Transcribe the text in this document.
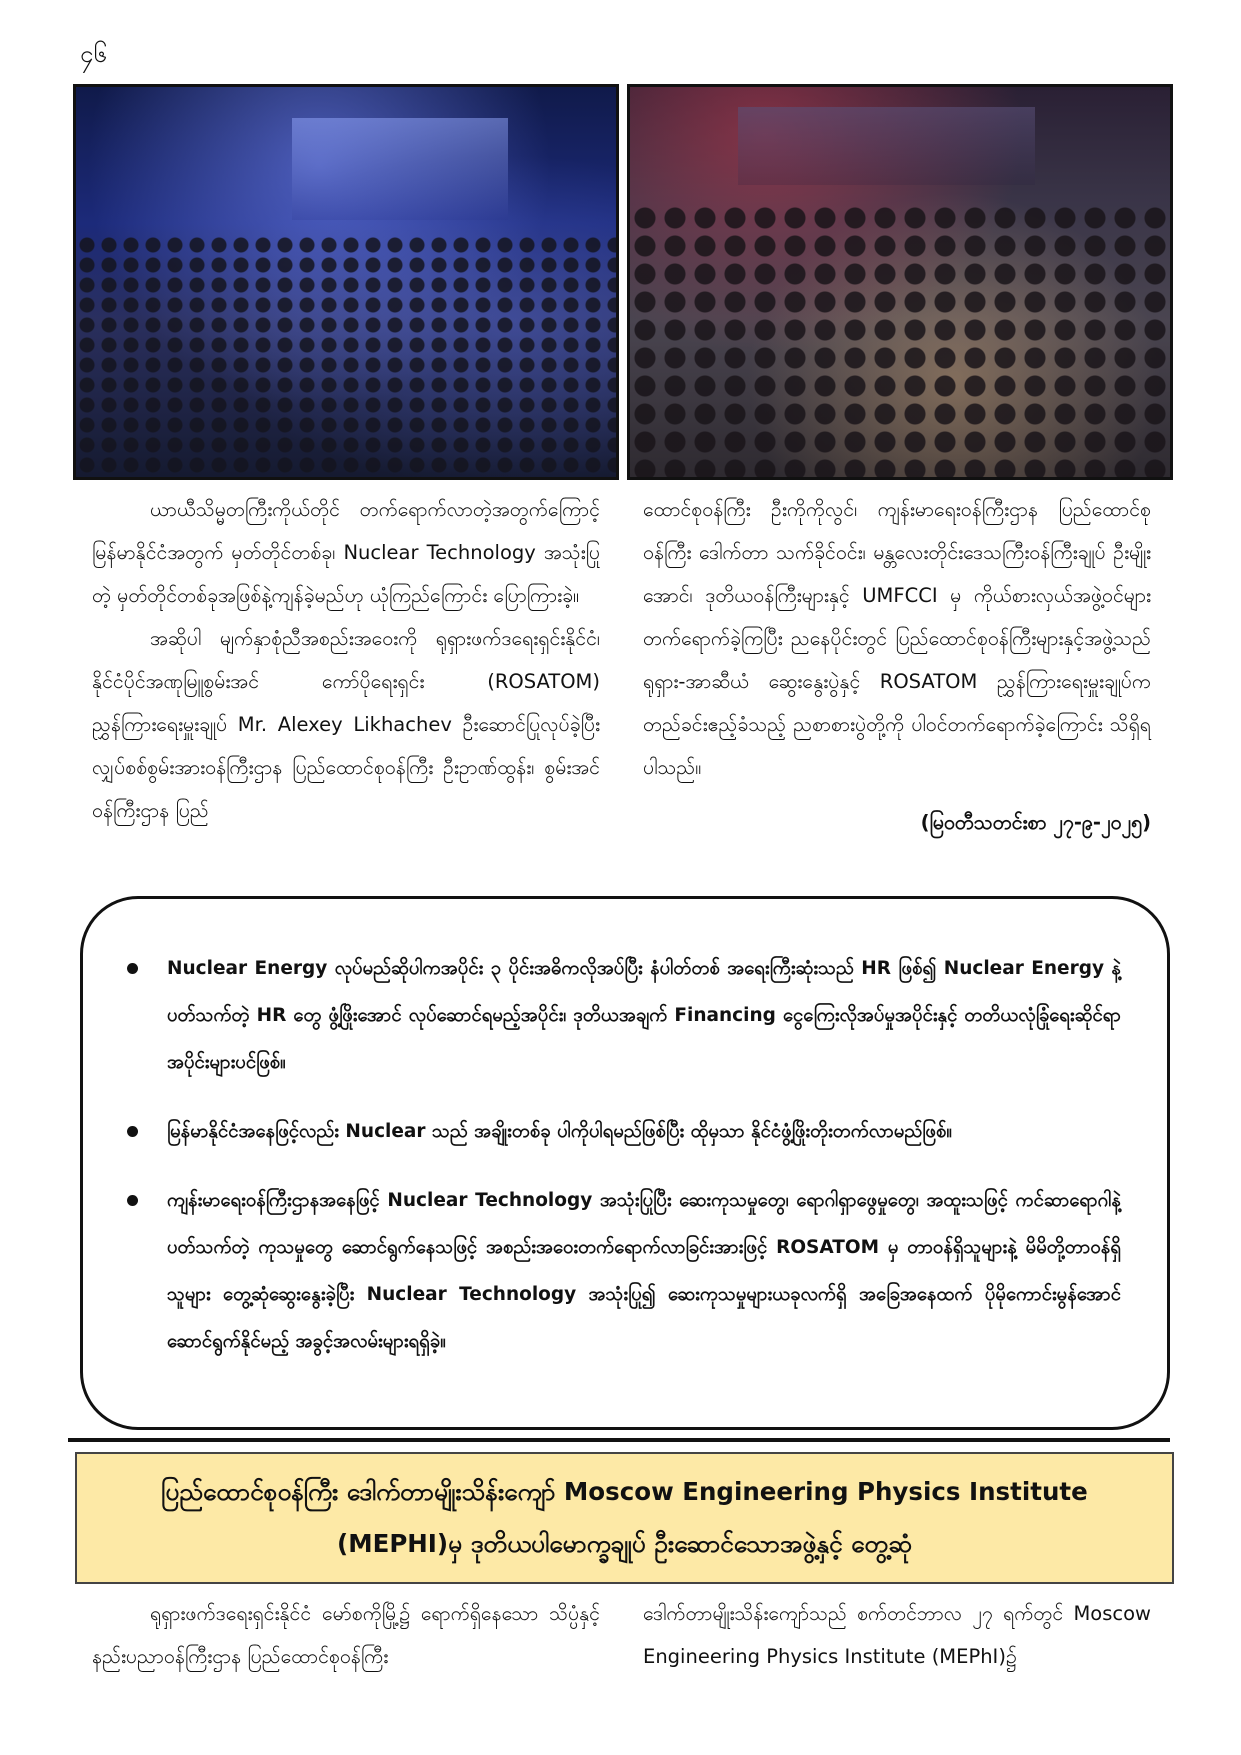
၄၆

ယာယီသိမ္မတကြီးကိုယ်တိုင် တက်ရောက်လာတဲ့အတွက်ကြောင့် မြန်မာနိုင်ငံအတွက် မှတ်တိုင်တစ်ခု၊ Nuclear Technology အသုံးပြုတဲ့ မှတ်တိုင်တစ်ခုအဖြစ်နဲ့ကျန်ခဲ့မည်ဟု ယုံကြည်ကြောင်း ပြောကြားခဲ့။

အဆိုပါ မျက်နှာစုံညီအစည်းအဝေးကို ရုရှားဖက်ဒရေးရှင်းနိုင်ငံ၊ နိုင်ငံပိုင်အဏုမြူစွမ်းအင် ကော်ပိုရေးရှင်း (ROSATOM) ညွှန်ကြားရေးမှူးချုပ် Mr. Alexey Likhachev ဦးဆောင်ပြုလုပ်ခဲ့ပြီး လျှပ်စစ်စွမ်းအားဝန်ကြီးဌာန ပြည်ထောင်စုဝန်ကြီး ဦးဥာဏ်ထွန်း၊ စွမ်းအင်ဝန်ကြီးဌာန ပြည်

ထောင်စုဝန်ကြီး ဦးကိုကိုလွင်၊ ကျန်းမာရေးဝန်ကြီးဌာန ပြည်ထောင်စုဝန်ကြီး ဒေါက်တာ သက်ခိုင်ဝင်း၊ မန္တလေးတိုင်းဒေသကြီးဝန်ကြီးချုပ် ဦးမျိုးအောင်၊ ဒုတိယဝန်ကြီးများနှင့် UMFCCI မှ ကိုယ်စားလှယ်အဖွဲ့ဝင်များ တက်ရောက်ခဲ့ကြပြီး ညနေပိုင်းတွင် ပြည်ထောင်စုဝန်ကြီးများနှင့်အဖွဲ့သည် ရုရှား-အာဆီယံ ဆွေးနွေးပွဲနှင့် ROSATOM ညွှန်ကြားရေးမှူးချုပ်က တည်ခင်းဧည့်ခံသည့် ညစာစားပွဲတို့ကို ပါဝင်တက်ရောက်ခဲ့ကြောင်း သိရှိရပါသည်။

(မြဝတီသတင်းစာ ၂၇-၉-၂၀၂၅)

Nuclear Energy လုပ်မည်ဆိုပါကအပိုင်း ၃ ပိုင်းအဓိကလိုအပ်ပြီး နံပါတ်တစ် အရေးကြီးဆုံးသည် HR ဖြစ်၍ Nuclear Energy နဲ့ပတ်သက်တဲ့ HR တွေ ဖွံ့ဖြိုးအောင် လုပ်ဆောင်ရမည့်အပိုင်း၊ ဒုတိယအချက် Financing ငွေကြေးလိုအပ်မှုအပိုင်းနှင့် တတိယလုံခြုံရေးဆိုင်ရာအပိုင်းများပင်ဖြစ်။
မြန်မာနိုင်ငံအနေဖြင့်လည်း Nuclear သည် အချိုးတစ်ခု ပါကိုပါရမည်ဖြစ်ပြီး ထိုမှသာ နိုင်ငံဖွံ့ဖြိုးတိုးတက်လာမည်ဖြစ်။
ကျန်းမာရေးဝန်ကြီးဌာနအနေဖြင့် Nuclear Technology အသုံးပြုပြီး ဆေးကုသမှုတွေ၊ ရောဂါရှာဖွေမှုတွေ၊ အထူးသဖြင့် ကင်ဆာရောဂါနဲ့ပတ်သက်တဲ့ ကုသမှုတွေ ဆောင်ရွက်နေသဖြင့် အစည်းအဝေးတက်ရောက်လာခြင်းအားဖြင့် ROSATOM မှ တာဝန်ရှိသူများနဲ့ မိမိတို့တာဝန်ရှိသူများ တွေ့ဆုံဆွေးနွေးခဲ့ပြီး Nuclear Technology အသုံးပြု၍ ဆေးကုသမှုများယခုလက်ရှိ အခြေအနေထက် ပိုမိုကောင်းမွန်အောင် ဆောင်ရွက်နိုင်မည့် အခွင့်အလမ်းများရရှိခဲ့။
ပြည်ထောင်စုဝန်ကြီး ဒေါက်တာမျိုးသိန်းကျော် Moscow Engineering Physics Institute
(MEPHI)မှ ဒုတိယပါမောက္ခချုပ် ဦးဆောင်သောအဖွဲ့နှင့် တွေ့ဆုံ

ရုရှားဖက်ဒရေးရှင်းနိုင်ငံ မော်စကိုမြို့၌ ရောက်ရှိနေသော သိပ္ပံနှင့်နည်းပညာဝန်ကြီးဌာန ပြည်ထောင်စုဝန်ကြီး

ဒေါက်တာမျိုးသိန်းကျော်သည် စက်တင်ဘာလ ၂၇ ရက်တွင် Moscow Engineering Physics Institute (MEPhI)၌
